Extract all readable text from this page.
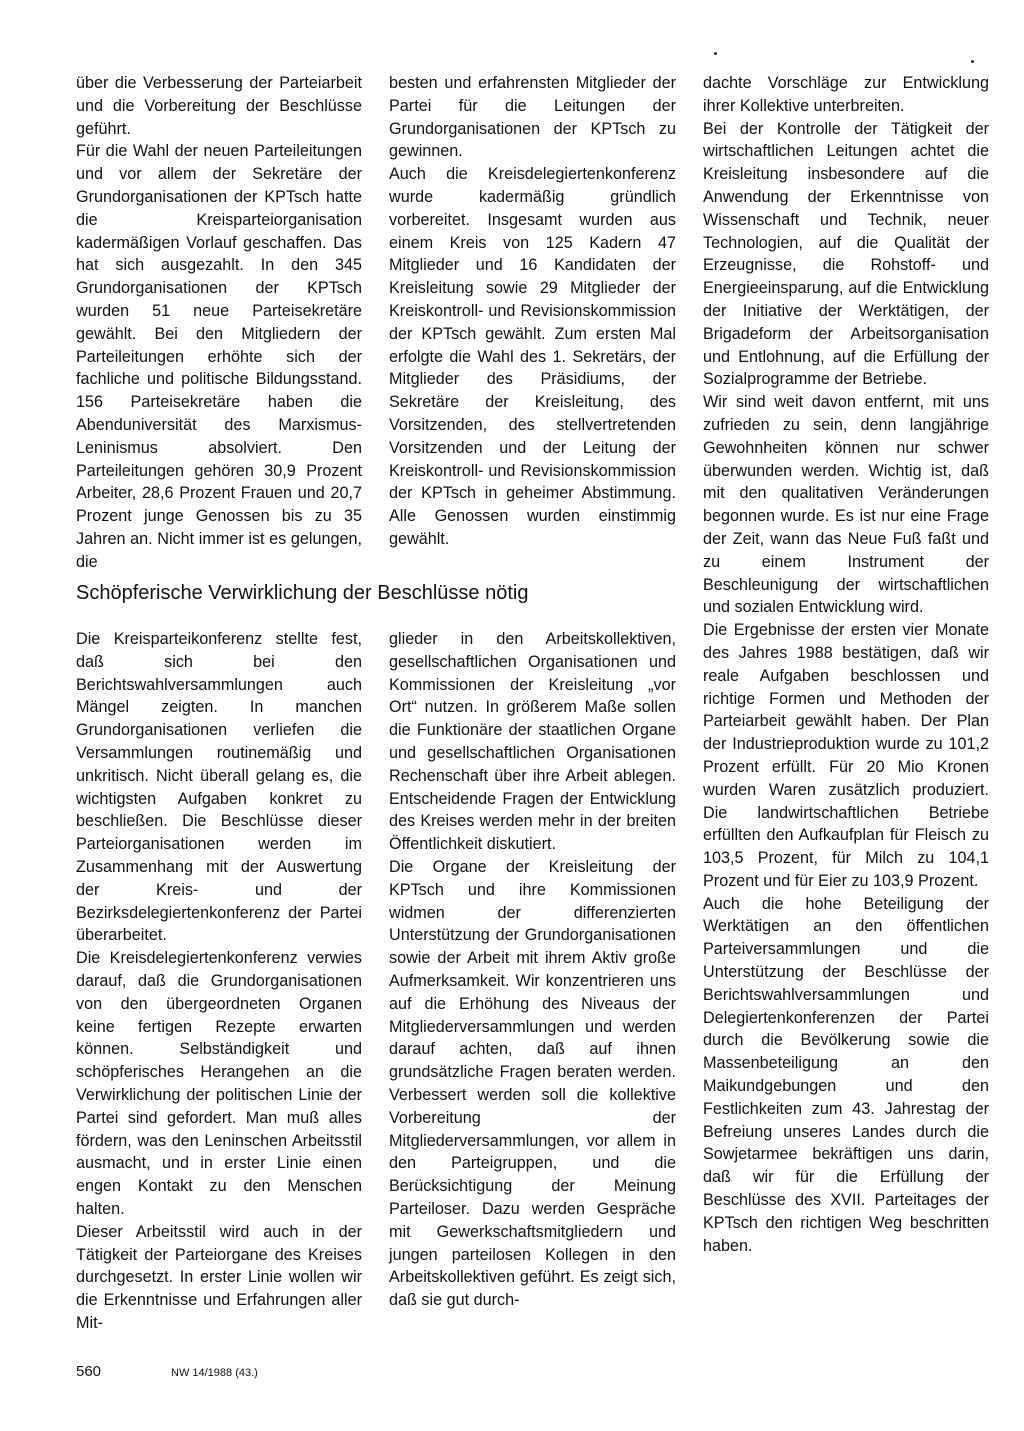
über die Verbesserung der Parteiarbeit und die Vorbereitung der Beschlüsse geführt.

Für die Wahl der neuen Parteileitungen und vor allem der Sekretäre der Grundorganisationen der KPTsch hatte die Kreisparteiorganisation kadermäßigen Vorlauf geschaffen. Das hat sich ausgezahlt. In den 345 Grundorganisationen der KPTsch wurden 51 neue Parteisekretäre gewählt. Bei den Mitgliedern der Parteileitungen erhöhte sich der fachliche und politische Bildungsstand. 156 Parteisekretäre haben die Abenduniversität des Marxismus-Leninismus absolviert. Den Parteileitungen gehören 30,9 Prozent Arbeiter, 28,6 Prozent Frauen und 20,7 Prozent junge Genossen bis zu 35 Jahren an. Nicht immer ist es gelungen, die

besten und erfahrensten Mitglieder der Partei für die Leitungen der Grundorganisationen der KPTsch zu gewinnen.

Auch die Kreisdelegiertenkonferenz wurde kadermäßig gründlich vorbereitet. Insgesamt wurden aus einem Kreis von 125 Kadern 47 Mitglieder und 16 Kandidaten der Kreisleitung sowie 29 Mitglieder der Kreiskontroll- und Revisionskommission der KPTsch gewählt. Zum ersten Mal erfolgte die Wahl des 1. Sekretärs, der Mitglieder des Präsidiums, der Sekretäre der Kreisleitung, des Vorsitzenden, des stellvertretenden Vorsitzenden und der Leitung der Kreiskontroll- und Revisionskommission der KPTsch in geheimer Abstimmung. Alle Genossen wurden einstimmig gewählt.

dachte Vorschläge zur Entwicklung ihrer Kollektive unterbreiten.

Bei der Kontrolle der Tätigkeit der wirtschaftlichen Leitungen achtet die Kreisleitung insbesondere auf die Anwendung der Erkenntnisse von Wissenschaft und Technik, neuer Technologien, auf die Qualität der Erzeugnisse, die Rohstoff- und Energieeinsparung, auf die Entwicklung der Initiative der Werktätigen, der Brigadeform der Arbeitsorganisation und Entlohnung, auf die Erfüllung der Sozialprogramme der Betriebe.

Wir sind weit davon entfernt, mit uns zufrieden zu sein, denn langjährige Gewohnheiten können nur schwer überwunden werden. Wichtig ist, daß mit den qualitativen Veränderungen begonnen wurde. Es ist nur eine Frage der Zeit, wann das Neue Fuß faßt und zu einem Instrument der Beschleunigung der wirtschaftlichen und sozialen Entwicklung wird.

Die Ergebnisse der ersten vier Monate des Jahres 1988 bestätigen, daß wir reale Aufgaben beschlossen und richtige Formen und Methoden der Parteiarbeit gewählt haben. Der Plan der Industrieproduktion wurde zu 101,2 Prozent erfüllt. Für 20 Mio Kronen wurden Waren zusätzlich produziert. Die landwirtschaftlichen Betriebe erfüllten den Aufkaufplan für Fleisch zu 103,5 Prozent, für Milch zu 104,1 Prozent und für Eier zu 103,9 Prozent.

Auch die hohe Beteiligung der Werktätigen an den öffentlichen Parteiversammlungen und die Unterstützung der Beschlüsse der Berichtswahlversammlungen und Delegiertenkonferenzen der Partei durch die Bevölkerung sowie die Massenbeteiligung an den Maikundgebungen und den Festlichkeiten zum 43. Jahrestag der Befreiung unseres Landes durch die Sowjetarmee bekräftigen uns darin, daß wir für die Erfüllung der Beschlüsse des XVII. Parteitages der KPTsch den richtigen Weg beschritten haben.

Schöpferische Verwirklichung der Beschlüsse nötig

Die Kreisparteikonferenz stellte fest, daß sich bei den Berichtswahlversammlungen auch Mängel zeigten. In manchen Grundorganisationen verliefen die Versammlungen routinemäßig und unkritisch. Nicht überall gelang es, die wichtigsten Aufgaben konkret zu beschließen. Die Beschlüsse dieser Parteiorganisationen werden im Zusammenhang mit der Auswertung der Kreis- und der Bezirksdelegiertenkonferenz der Partei überarbeitet.

Die Kreisdelegiertenkonferenz verwies darauf, daß die Grundorganisationen von den übergeordneten Organen keine fertigen Rezepte erwarten können. Selbständigkeit und schöpferisches Herangehen an die Verwirklichung der politischen Linie der Partei sind gefordert. Man muß alles fördern, was den Leninschen Arbeitsstil ausmacht, und in erster Linie einen engen Kontakt zu den Menschen halten.

Dieser Arbeitsstil wird auch in der Tätigkeit der Parteiorgane des Kreises durchgesetzt. In erster Linie wollen wir die Erkenntnisse und Erfahrungen aller Mit-

glieder in den Arbeitskollektiven, gesellschaftlichen Organisationen und Kommissionen der Kreisleitung „vor Ort“ nutzen. In größerem Maße sollen die Funktionäre der staatlichen Organe und gesellschaftlichen Organisationen Rechenschaft über ihre Arbeit ablegen. Entscheidende Fragen der Entwicklung des Kreises werden mehr in der breiten Öffentlichkeit diskutiert.

Die Organe der Kreisleitung der KPTsch und ihre Kommissionen widmen der differenzierten Unterstützung der Grundorganisationen sowie der Arbeit mit ihrem Aktiv große Aufmerksamkeit. Wir konzentrieren uns auf die Erhöhung des Niveaus der Mitgliederversammlungen und werden darauf achten, daß auf ihnen grundsätzliche Fragen beraten werden. Verbessert werden soll die kollektive Vorbereitung der Mitgliederversammlungen, vor allem in den Parteigruppen, und die Berücksichtigung der Meinung Parteiloser. Dazu werden Gespräche mit Gewerkschaftsmitgliedern und jungen parteilosen Kollegen in den Arbeitskollektiven geführt. Es zeigt sich, daß sie gut durch-

560	NW 14/1988 (43.)
